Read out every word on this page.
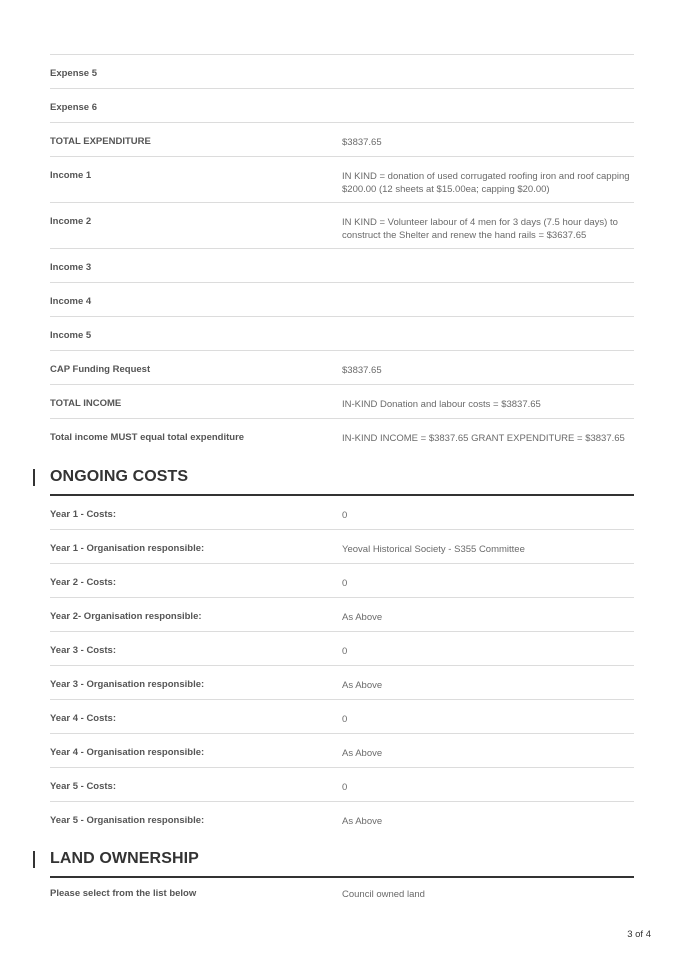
Expense 5
Expense 6
TOTAL EXPENDITURE	$3837.65
Income 1	IN KIND = donation of used corrugated roofing iron and roof capping $200.00 (12 sheets at $15.00ea; capping $20.00)
Income 2	IN KIND = Volunteer labour of 4 men for 3 days (7.5 hour days) to construct the Shelter and renew the hand rails = $3637.65
Income 3
Income 4
Income 5
CAP Funding Request	$3837.65
TOTAL INCOME	IN-KIND Donation and labour costs = $3837.65
Total income MUST equal total expenditure	IN-KIND INCOME = $3837.65 GRANT EXPENDITURE = $3837.65
ONGOING COSTS
Year 1 - Costs:	0
Year 1 - Organisation responsible:	Yeoval Historical Society - S355 Committee
Year 2 - Costs:	0
Year 2- Organisation responsible:	As Above
Year 3 - Costs:	0
Year 3 - Organisation responsible:	As Above
Year 4 - Costs:	0
Year 4 - Organisation responsible:	As Above
Year 5 - Costs:	0
Year 5 - Organisation responsible:	As Above
LAND OWNERSHIP
Please select from the list below	Council owned land
3 of 4
